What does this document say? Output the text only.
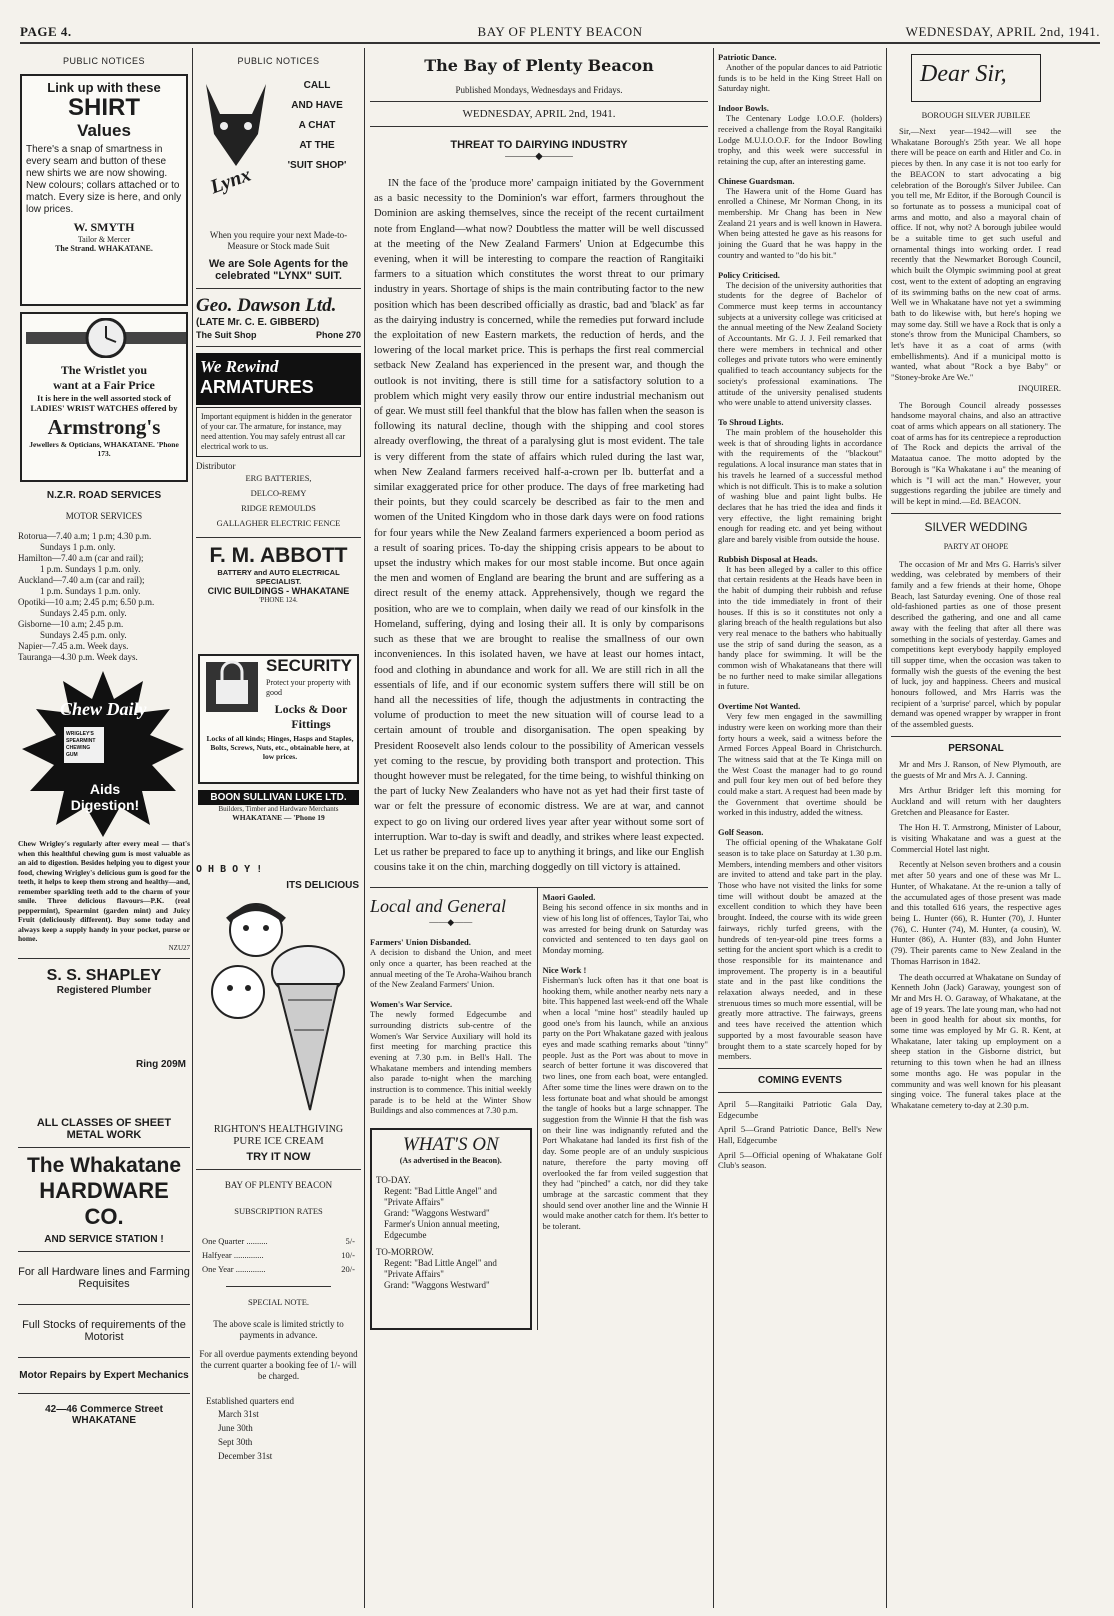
PAGE 4.	BAY OF PLENTY BEACON	WEDNESDAY, APRIL 2nd, 1941.

PUBLIC NOTICES

Link up with these

SHIRT

Values

There's a snap of smartness in every seam and button of these new shirts we are now showing. New colours; collars attached or to match. Every size is here, and only low prices.

W. SMYTH

Tailor & Mercer

The Strand. WHAKATANE.

The Wristlet you

want at a Fair Price

It is here in the well assorted stock of LADIES' WRIST WATCHES offered by

Armstrong's

Jewellers & Opticians, WHAKATANE. 'Phone 173.

N.Z.R. ROAD SERVICES

MOTOR SERVICES

Rotorua—7.40 a.m; 1 p.m; 4.30 p.m.

Sundays 1 p.m. only.

Hamilton—7.40 a.m (car and rail);

1 p.m. Sundays 1 p.m. only.

Auckland—7.40 a.m (car and rail);

1 p.m. Sundays 1 p.m. only.

Opotiki—10 a.m; 2.45 p.m; 6.50 p.m.

Sundays 2.45 p.m. only.

Gisborne—10 a.m; 2.45 p.m.

Sundays 2.45 p.m. only.

Napier—7.45 a.m. Week days.

Tauranga—4.30 p.m. Week days.

Chew Daily
WRIGLEY'S SPEARMINT CHEWING GUM
Aids Digestion!

Chew Wrigley's regularly after every meal — that's when this healthful chewing gum is most valuable as an aid to digestion. Besides helping you to digest your food, chewing Wrigley's delicious gum is good for the teeth, it helps to keep them strong and healthy—and, remember sparkling teeth add to the charm of your smile. Three delicious flavours—P.K. (real peppermint), Spearmint (garden mint) and Juicy Fruit (deliciously different). Buy some today and always keep a supply handy in your pocket, purse or home.

NZU27

S. S. SHAPLEY

Registered Plumber

Ring 209M

ALL CLASSES OF SHEET METAL WORK

The Whakatane

HARDWARE CO.

AND SERVICE STATION !

For all Hardware lines and Farming Requisites

Full Stocks of requirements of the Motorist

Motor Repairs by Expert Mechanics

42—46 Commerce Street

WHAKATANE

PUBLIC NOTICES

Lynx

CALL

AND HAVE

A CHAT

AT THE

'SUIT SHOP'

When you require your next Made-to-Measure or Stock made Suit

We are Sole Agents for the celebrated "LYNX" SUIT.

Geo. Dawson Ltd.

(LATE Mr. C. E. GIBBERD)

The Suit Shop	Phone 270

We Rewind

ARMATURES

Important equipment is hidden in the generator of your car. The armature, for instance, may need attention. You may safely entrust all car electrical work to us.

Distributor

ERG BATTERIES,

DELCO-REMY

RIDGE REMOULDS

GALLAGHER ELECTRIC FENCE

F. M. ABBOTT

BATTERY and AUTO ELECTRICAL SPECIALIST.

CIVIC BUILDINGS - WHAKATANE

'PHONE 124.

SECURITY

Protect your property with good

Locks & Door Fittings

Locks of all kinds; Hinges, Hasps and Staples, Bolts, Screws, Nuts, etc., obtainable here, at low prices.

BOON SULLIVAN LUKE LTD.

Builders, Timber and Hardware Merchants

WHAKATANE — 'Phone 19

O H B O Y !

ITS DELICIOUS

RIGHTON'S HEALTHGIVING

PURE ICE CREAM

TRY IT NOW

BAY OF PLENTY BEACON

SUBSCRIPTION RATES

One Quarter ..........	5/-
Halfyear ..............	10/-
One Year ..............	20/-

SPECIAL NOTE.

The above scale is limited strictly to payments in advance.

For all overdue payments extending beyond the current quarter a booking fee of 1/- will be charged.

Established quarters end

March 31st

June 30th

Sept 30th

December 31st

The Bay of Plenty Beacon

Published Mondays, Wednesdays and Fridays.

WEDNESDAY, APRIL 2nd, 1941.

THREAT TO DAIRYING INDUSTRY

———◆———

IN the face of the 'produce more' campaign initiated by the Government as a basic necessity to the Dominion's war effort, farmers throughout the Dominion are asking themselves, since the receipt of the recent curtailment note from England—what now? Doubtless the matter will be well discussed at the meeting of the New Zealand Farmers' Union at Edgecumbe this evening, when it will be interesting to compare the reaction of Rangitaiki farmers to a situation which constitutes the worst threat to our primary industry in years. Shortage of ships is the main contributing factor to the new position which has been described officially as drastic, bad and 'black' as far as the dairying industry is concerned, while the remedies put forward include the exploitation of new Eastern markets, the reduction of herds, and the lowering of the local market price. This is perhaps the first real commercial setback New Zealand has experienced in the present war, and though the outlook is not inviting, there is still time for a satisfactory solution to a problem which might very easily throw our entire industrial mechanism out of gear. We must still feel thankful that the blow has fallen when the season is following its natural decline, though with the shipping and cool stores already overflowing, the threat of a paralysing glut is most evident. The tale is very different from the state of affairs which ruled during the last war, when New Zealand farmers received half-a-crown per lb. butterfat and a similar exaggerated price for other produce. The days of free marketing had their points, but they could scarcely be described as fair to the men and women of the United Kingdom who in those dark days were on food rations for four years while the New Zealand farmers experienced a boom period as a result of soaring prices. To-day the shipping crisis appears to be about to upset the industry which makes for our most stable income. But once again the men and women of England are bearing the brunt and are suffering as a direct result of the enemy attack. Apprehensively, though we regard the position, who are we to complain, when daily we read of our kinsfolk in the Homeland, suffering, dying and losing their all. It is only by comparisons such as these that we are brought to realise the smallness of our own inconveniences. In this isolated haven, we have at least our homes intact, food and clothing in abundance and work for all. We are still rich in all the essentials of life, and if our economic system suffers there will still be on hand all the necessities of life, though the adjustments in contracting the volume of production to meet the new situation will of course lead to a certain amount of trouble and disorganisation. The open speaking by President Roosevelt also lends colour to the possibility of American vessels yet coming to the rescue, by providing both transport and protection. This thought however must be relegated, for the time being, to wishful thinking on the part of lucky New Zealanders who have not as yet had their first taste of war or felt the pressure of economic distress. We are at war, and cannot expect to go on living our ordered lives year after year without some sort of interruption. War to-day is swift and deadly, and strikes where least expected. Let us rather be prepared to face up to anything it brings, and like our English cousins take it on the chin, marching doggedly on till victory is attained.

Local and General

——◆——

Farmers' Union Disbanded.

A decision to disband the Union, and meet only once a quarter, has been reached at the annual meeting of the Te Aroha-Waihou branch of the New Zealand Farmers' Union.

Women's War Service.

The newly formed Edgecumbe and surrounding districts sub-centre of the Women's War Service Auxiliary will hold its first meeting for marching practice this evening at 7.30 p.m. in Bell's Hall. The Whakatane members and intending members also parade to-night when the marching instruction is to commence. This initial weekly parade is to be held at the Winter Show Buildings and also commences at 7.30 p.m.

WHAT'S ON

(As advertised in the Beacon).

TO-DAY.

Regent: "Bad Little Angel" and "Private Affairs"

Grand: "Waggons Westward"

Farmer's Union annual meeting, Edgecumbe

TO-MORROW.

Regent: "Bad Little Angel" and "Private Affairs"

Grand: "Waggons Westward"

Maori Gaoled.

Being his second offence in six months and in view of his long list of offences, Taylor Tai, who was arrested for being drunk on Saturday was convicted and sentenced to ten days gaol on Monday morning.

Nice Work !

Fisherman's luck often has it that one boat is hooking them, while another nearby nets nary a bite. This happened last week-end off the Whale when a local "mine host" steadily hauled up good one's from his launch, while an anxious party on the Port Whakatane gazed with jealous eyes and made scathing remarks about "tinny" people. Just as the Port was about to move in search of better fortune it was discovered that two lines, one from each boat, were entangled. After some time the lines were drawn on to the less fortunate boat and what should be amongst the tangle of hooks but a large schnapper. The suggestion from the Winnie H that the fish was on their line was indignantly refuted and the Port Whakatane had landed its first fish of the day. Some people are of an unduly suspicious nature, therefore the party moving off overlooked the far from veiled suggestion that they had "pinched" a catch, nor did they take umbrage at the sarcastic comment that they should send over another line and the Winnie H would make another catch for them. It's better to be tolerant.

Patriotic Dance.

Another of the popular dances to aid Patriotic funds is to be held in the King Street Hall on Saturday night.

Indoor Bowls.

The Centenary Lodge I.O.O.F. (holders) received a challenge from the Royal Rangitaiki Lodge M.U.I.O.O.F. for the Indoor Bowling trophy, and this week were successful in retaining the cup, after an interesting game.

Chinese Guardsman.

The Hawera unit of the Home Guard has enrolled a Chinese, Mr Norman Chong, in its membership. Mr Chang has been in New Zealand 21 years and is well known in Hawera. When being attested he gave as his reasons for joining the Guard that he was happy in the country and wanted to "do his bit."

Policy Criticised.

The decision of the university authorities that students for the degree of Bachelor of Commerce must keep terms in accountancy subjects at a university college was criticised at the annual meeting of the New Zealand Society of Accountants. Mr G. J. J. Feil remarked that there were members in technical and other colleges and private tutors who were eminently qualified to teach accountancy subjects for the society's professional examinations. The attitude of the university penalised students who were unable to attend university classes.

To Shroud Lights.

The main problem of the householder this week is that of shrouding lights in accordance with the requirements of the "blackout" regulations. A local insurance man states that in his travels he learned of a successful method which is not difficult. This is to make a solution of washing blue and paint light bulbs. He declares that he has tried the idea and finds it very effective, the light remaining bright enough for reading etc. and yet being without glare and barely visible from outside the house.

Rubbish Disposal at Heads.

It has been alleged by a caller to this office that certain residents at the Heads have been in the habit of dumping their rubbish and refuse into the tide immediately in front of their houses. If this is so it constitutes not only a glaring breach of the health regulations but also very real menace to the bathers who habitually use the strip of sand during the season, as a handy place for swimming. It will be the common wish of Whakataneans that there will be no further need to make similar allegations in future.

Overtime Not Wanted.

Very few men engaged in the sawmilling industry were keen on working more than their forty hours a week, said a witness before the Armed Forces Appeal Board in Christchurch. The witness said that at the Te Kinga mill on the West Coast the manager had to go round and pull four key men out of bed before they could make a start. A request had been made by the Government that overtime should be worked in this industry, added the witness.

Golf Season.

The official opening of the Whakatane Golf season is to take place on Saturday at 1.30 p.m. Members, intending members and other visitors are invited to attend and take part in the play. Those who have not visited the links for some time will without doubt be amazed at the excellent condition to which they have been brought. Indeed, the course with its wide green fairways, richly turfed greens, with the hundreds of ten-year-old pine trees forms a setting for the ancient sport which is a credit to those responsible for its maintenance and improvement. The property is in a beautiful state and in the past like conditions the relaxation always needed, and in these strenuous times so much more essential, will be greatly more attractive. The fairways, greens and tees have received the attention which supported by a most favourable season have brought them to a state scarcely hoped for by members.

COMING EVENTS

April 5—Rangitaiki Patriotic Gala Day, Edgecumbe

April 5—Grand Patriotic Dance, Bell's New Hall, Edgecumbe

April 5—Official opening of Whakatane Golf Club's season.

Dear Sir,

BOROUGH SILVER JUBILEE

Sir,—Next year—1942—will see the Whakatane Borough's 25th year. We all hope there will be peace on earth and Hitler and Co. in pieces by then. In any case it is not too early for the BEACON to start advocating a big celebration of the Borough's Silver Jubilee. Can you tell me, Mr Editor, if the Borough Council is so fortunate as to possess a municipal coat of arms and motto, and also a mayoral chain of office. If not, why not? A borough jubilee would be a suitable time to get such useful and ornamental things into working order. I read recently that the Newmarket Borough Council, which built the Olympic swimming pool at great cost, went to the extent of adopting an engraving of its swimming baths on the new coat of arms. Well we in Whakatane have not yet a swimming bath to do likewise with, but here's hoping we may some day. Still we have a Rock that is only a stone's throw from the Municipal Chambers, so let's have it as a coat of arms (with embellishments). And if a municipal motto is wanted, what about "Rock a bye Baby" or "Stoney-broke Are We."

INQUIRER.

The Borough Council already possesses handsome mayoral chains, and also an attractive coat of arms which appears on all stationery. The coat of arms has for its centrepiece a reproduction of The Rock and depicts the arrival of the Mataatua canoe. The motto adopted by the Borough is "Ka Whakatane i au" the meaning of which is "I will act the man." However, your suggestions regarding the jubilee are timely and will be kept in mind.—Ed. BEACON.

SILVER WEDDING

PARTY AT OHOPE

The occasion of Mr and Mrs G. Harris's silver wedding, was celebrated by members of their family and a few friends at their home, Ohope Beach, last Saturday evening. One of those real old-fashioned parties as one of those present described the gathering, and one and all came away with the feeling that after all there was something in the socials of yesterday. Games and competitions kept everybody happily employed till supper time, when the occasion was taken to formally wish the guests of the evening the best of luck, joy and happiness. Cheers and musical honours followed, and Mrs Harris was the recipient of a 'surprise' parcel, which by popular demand was opened wrapper by wrapper in front of the assembled guests.

PERSONAL

Mr and Mrs J. Ranson, of New Plymouth, are the guests of Mr and Mrs A. J. Canning.

Mrs Arthur Bridger left this morning for Auckland and will return with her daughters Gretchen and Pleasance for Easter.

The Hon H. T. Armstrong, Minister of Labour, is visiting Whakatane and was a guest at the Commercial Hotel last night.

Recently at Nelson seven brothers and a cousin met after 50 years and one of these was Mr L. Hunter, of Whakatane. At the re-union a tally of the accumulated ages of those present was made and this totalled 616 years, the respective ages being L. Hunter (66), R. Hunter (70), J. Hunter (76), C. Hunter (74), M. Hunter, (a cousin), W. Hunter (86), A. Hunter (83), and John Hunter (79). Their parents came to New Zealand in the Thomas Harrison in 1842.

The death occurred at Whakatane on Sunday of Kenneth John (Jack) Garaway, youngest son of Mr and Mrs H. O. Garaway, of Whakatane, at the age of 19 years. The late young man, who had not been in good health for about six months, for some time was employed by Mr G. R. Kent, at Whakatane, later taking up employment on a sheep station in the Gisborne district, but returning to this town when he had an illness some months ago. He was popular in the community and was well known for his pleasant singing voice. The funeral takes place at the Whakatane cemetery to-day at 2.30 p.m.
